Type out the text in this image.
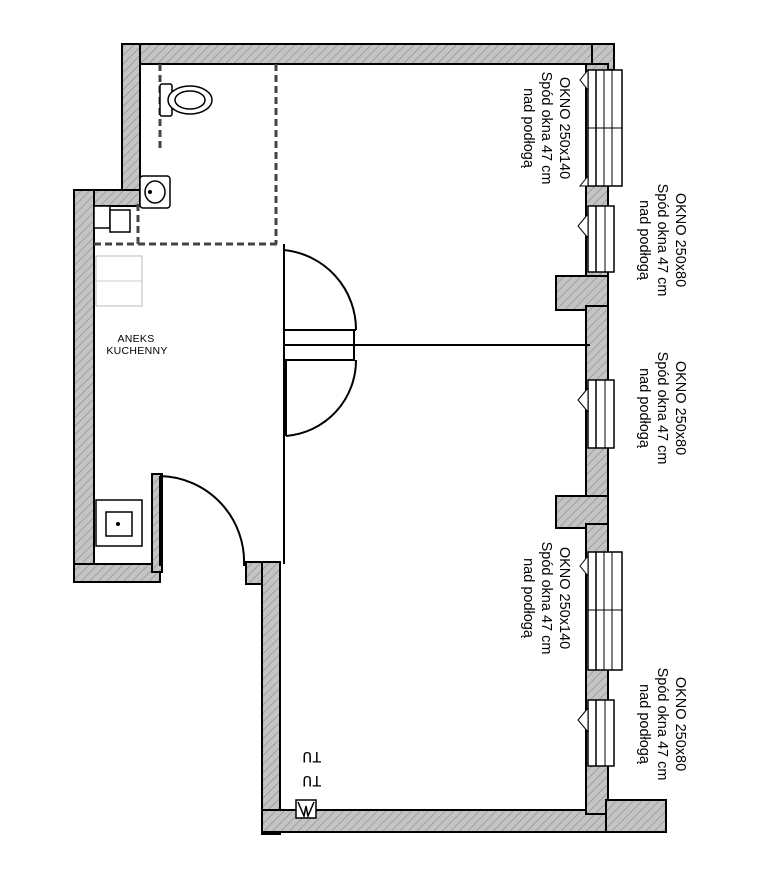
TU
TU
ANEKS
KUCHENNY
OKNO 250x140
Spód okna 47 cm
nad podłogą
OKNO 250x80
Spód okna 47 cm
nad podłogą
OKNO 250x80
Spód okna 47 cm
nad podłogą
OKNO 250x140
Spód okna 47 cm
nad podłogą
OKNO 250x80
Spód okna 47 cm
nad podłogą
